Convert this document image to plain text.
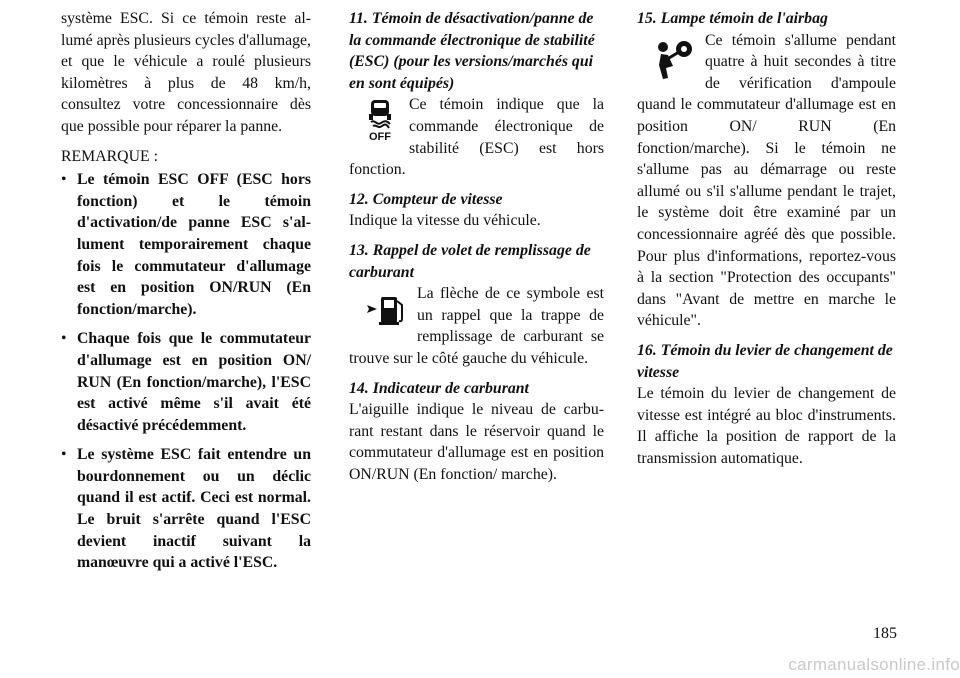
système ESC. Si ce témoin reste allumé après plusieurs cycles d'allumage, et que le véhicule a roulé plusieurs kilomètres à plus de 48 km/h, consultez votre concessionnaire dès que possible pour réparer la panne.

REMARQUE :

• Le témoin ESC OFF (ESC hors fonction) et le témoin d'activation/de panne ESC s'allument temporairement chaque fois le commutateur d'allumage est en position ON/RUN (En fonction/marche).
• Chaque fois que le commutateur d'allumage est en position ON/ RUN (En fonction/marche), l'ESC est activé même s'il avait été désactivé précédemment.
• Le système ESC fait entendre un bourdonnement ou un déclic quand il est actif. Ceci est normal. Le bruit s'arrête quand l'ESC devient inactif suivant la manœuvre qui a activé l'ESC.

11. Témoin de désactivation/panne de la commande électronique de stabilité (ESC) (pour les versions/marchés qui en sont équipés)

OFF

Ce témoin indique que la commande électronique de stabilité (ESC) est hors fonction.

12. Compteur de vitesse

Indique la vitesse du véhicule.

13. Rappel de volet de remplissage de carburant

La flèche de ce symbole est un rappel que la trappe de remplissage de carburant se trouve sur le côté gauche du véhicule.

14. Indicateur de carburant

L'aiguille indique le niveau de carburant restant dans le réservoir quand le commutateur d'allumage est en position ON/RUN (En fonction/ marche).

15. Lampe témoin de l'airbag

Ce témoin s'allume pendant quatre à huit secondes à titre de vérification d'ampoule quand le commutateur d'allumage est en position ON/ RUN (En fonction/marche). Si le témoin ne s'allume pas au démarrage ou reste allumé ou s'il s'allume pendant le trajet, le système doit être examiné par un concessionnaire agréé dès que possible. Pour plus d'informations, reportez-vous à la section "Protection des occupants" dans "Avant de mettre en marche le véhicule".

16. Témoin du levier de changement de vitesse

Le témoin du levier de changement de vitesse est intégré au bloc d'instruments. Il affiche la position de rapport de la transmission automatique.

185
carmanualsonline.info
